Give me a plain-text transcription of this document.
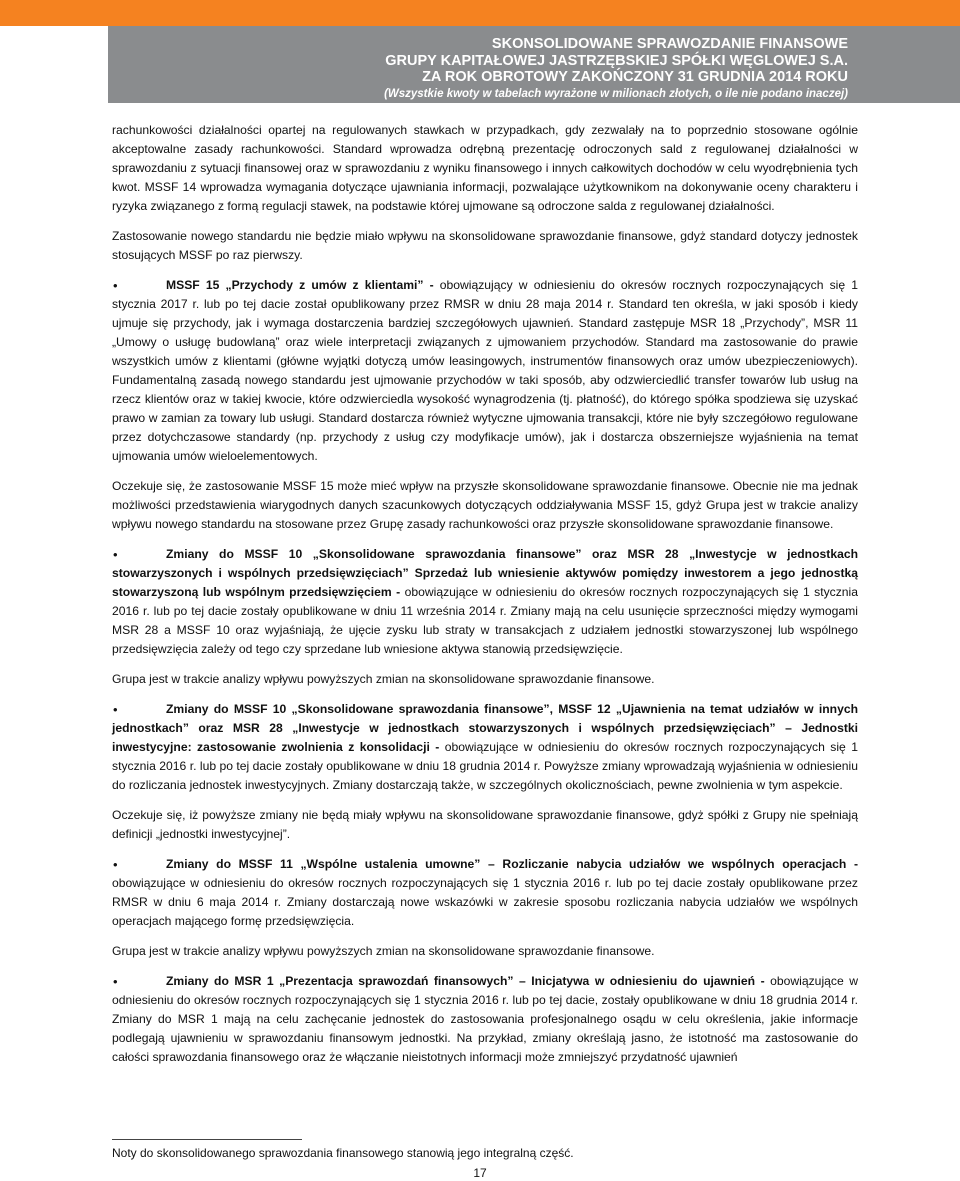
SKONSOLIDOWANE SPRAWOZDANIE FINANSOWE
GRUPY KAPITAŁOWEJ JASTRZĘBSKIEJ SPÓŁKI WĘGLOWEJ S.A.
ZA ROK OBROTOWY ZAKOŃCZONY 31 GRUDNIA 2014 ROKU
(Wszystkie kwoty w tabelach wyrażone w milionach złotych, o ile nie podano inaczej)

rachunkowości działalności opartej na regulowanych stawkach w przypadkach, gdy zezwalały na to poprzednio stosowane ogólnie akceptowalne zasady rachunkowości. Standard wprowadza odrębną prezentację odroczonych sald z regulowanej działalności w sprawozdaniu z sytuacji finansowej oraz w sprawozdaniu z wyniku finansowego i innych całkowitych dochodów w celu wyodrębnienia tych kwot. MSSF 14 wprowadza wymagania dotyczące ujawniania informacji, pozwalające użytkownikom na dokonywanie oceny charakteru i ryzyka związanego z formą regulacji stawek, na podstawie której ujmowane są odroczone salda z regulowanej działalności.

Zastosowanie nowego standardu nie będzie miało wpływu na skonsolidowane sprawozdanie finansowe, gdyż standard dotyczy jednostek stosujących MSSF po raz pierwszy.

• MSSF 15 „Przychody z umów z klientami” - obowiązujący w odniesieniu do okresów rocznych rozpoczynających się 1 stycznia 2017 r. lub po tej dacie został opublikowany przez RMSR w dniu 28 maja 2014 r. Standard ten określa, w jaki sposób i kiedy ujmuje się przychody, jak i wymaga dostarczenia bardziej szczegółowych ujawnień. Standard zastępuje MSR 18 „Przychody”, MSR 11 „Umowy o usługę budowlaną” oraz wiele interpretacji związanych z ujmowaniem przychodów. Standard ma zastosowanie do prawie wszystkich umów z klientami (główne wyjątki dotyczą umów leasingowych, instrumentów finansowych oraz umów ubezpieczeniowych). Fundamentalną zasadą nowego standardu jest ujmowanie przychodów w taki sposób, aby odzwierciedlić transfer towarów lub usług na rzecz klientów oraz w takiej kwocie, które odzwierciedla wysokość wynagrodzenia (tj. płatność), do którego spółka spodziewa się uzyskać prawo w zamian za towary lub usługi. Standard dostarcza również wytyczne ujmowania transakcji, które nie były szczegółowo regulowane przez dotychczasowe standardy (np. przychody z usług czy modyfikacje umów), jak i dostarcza obszerniejsze wyjaśnienia na temat ujmowania umów wieloelementowych.

Oczekuje się, że zastosowanie MSSF 15 może mieć wpływ na przyszłe skonsolidowane sprawozdanie finansowe. Obecnie nie ma jednak możliwości przedstawienia wiarygodnych danych szacunkowych dotyczących oddziaływania MSSF 15, gdyż Grupa jest w trakcie analizy wpływu nowego standardu na stosowane przez Grupę zasady rachunkowości oraz przyszłe skonsolidowane sprawozdanie finansowe.

• Zmiany do MSSF 10 „Skonsolidowane sprawozdania finansowe” oraz MSR 28 „Inwestycje w jednostkach stowarzyszonych i wspólnych przedsięwzięciach” Sprzedaż lub wniesienie aktywów pomiędzy inwestorem a jego jednostką stowarzyszoną lub wspólnym przedsięwzięciem - obowiązujące w odniesieniu do okresów rocznych rozpoczynających się 1 stycznia 2016 r. lub po tej dacie zostały opublikowane w dniu 11 września 2014 r. Zmiany mają na celu usunięcie sprzeczności między wymogami MSR 28 a MSSF 10 oraz wyjaśniają, że ujęcie zysku lub straty w transakcjach z udziałem jednostki stowarzyszonej lub wspólnego przedsięwzięcia zależy od tego czy sprzedane lub wniesione aktywa stanowią przedsięwzięcie.

Grupa jest w trakcie analizy wpływu powyższych zmian na skonsolidowane sprawozdanie finansowe.

• Zmiany do MSSF 10 „Skonsolidowane sprawozdania finansowe”, MSSF 12 „Ujawnienia na temat udziałów w innych jednostkach” oraz MSR 28 „Inwestycje w jednostkach stowarzyszonych i wspólnych przedsięwzięciach” – Jednostki inwestycyjne: zastosowanie zwolnienia z konsolidacji - obowiązujące w odniesieniu do okresów rocznych rozpoczynających się 1 stycznia 2016 r. lub po tej dacie zostały opublikowane w dniu 18 grudnia 2014 r. Powyższe zmiany wprowadzają wyjaśnienia w odniesieniu do rozliczania jednostek inwestycyjnych. Zmiany dostarczają także, w szczególnych okolicznościach, pewne zwolnienia w tym aspekcie.

Oczekuje się, iż powyższe zmiany nie będą miały wpływu na skonsolidowane sprawozdanie finansowe, gdyż spółki z Grupy nie spełniają definicji „jednostki inwestycyjnej”.

• Zmiany do MSSF 11 „Wspólne ustalenia umowne” – Rozliczanie nabycia udziałów we wspólnych operacjach - obowiązujące w odniesieniu do okresów rocznych rozpoczynających się 1 stycznia 2016 r. lub po tej dacie zostały opublikowane przez RMSR w dniu 6 maja 2014 r. Zmiany dostarczają nowe wskazówki w zakresie sposobu rozliczania nabycia udziałów we wspólnych operacjach mającego formę przedsięwzięcia.

Grupa jest w trakcie analizy wpływu powyższych zmian na skonsolidowane sprawozdanie finansowe.

• Zmiany do MSR 1 „Prezentacja sprawozdań finansowych” – Inicjatywa w odniesieniu do ujawnień - obowiązujące w odniesieniu do okresów rocznych rozpoczynających się 1 stycznia 2016 r. lub po tej dacie, zostały opublikowane w dniu 18 grudnia 2014 r. Zmiany do MSR 1 mają na celu zachęcanie jednostek do zastosowania profesjonalnego osądu w celu określenia, jakie informacje podlegają ujawnieniu w sprawozdaniu finansowym jednostki. Na przykład, zmiany określają jasno, że istotność ma zastosowanie do całości sprawozdania finansowego oraz że włączanie nieistotnych informacji może zmniejszyć przydatność ujawnień

Noty do skonsolidowanego sprawozdania finansowego stanowią jego integralną część.
17
